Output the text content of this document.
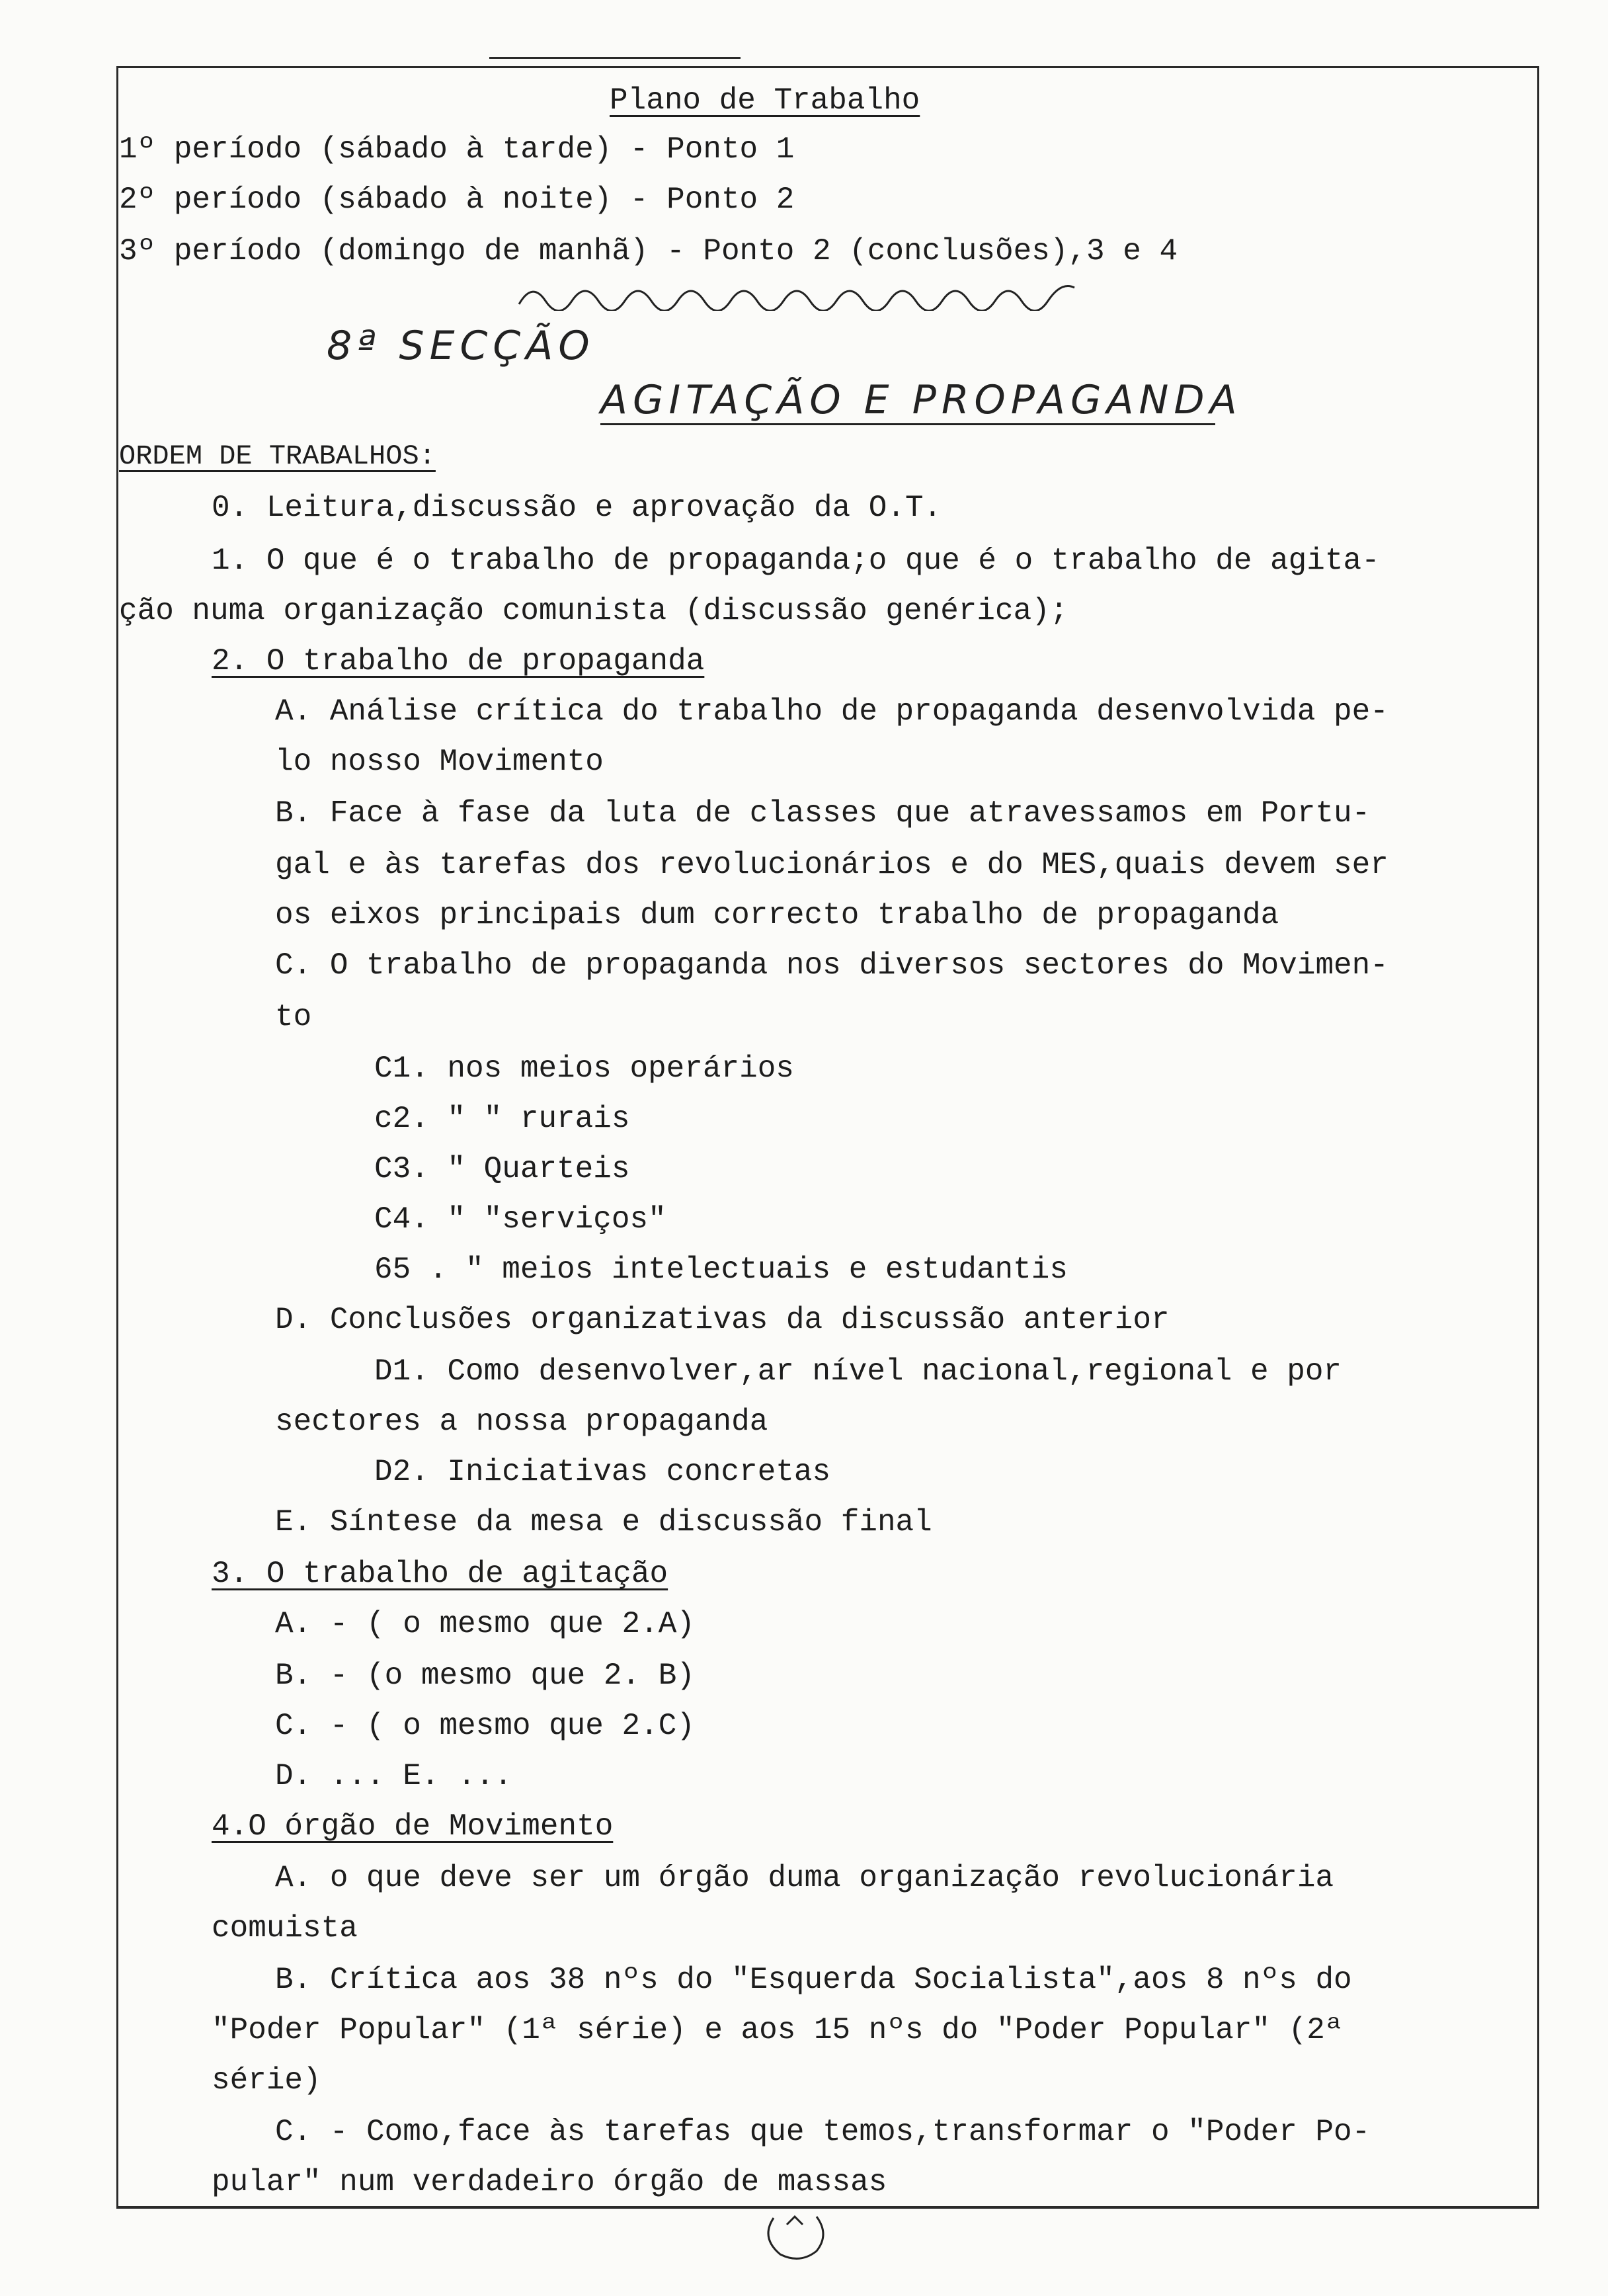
Plano de Trabalho
1º período (sábado à tarde) - Ponto 1
2º período (sábado à noite) - Ponto 2
3º período (domingo de manhã) - Ponto 2 (conclusões),3 e 4
8ª SECÇÃO
AGITAÇÃO E PROPAGANDA
ORDEM DE TRABALHOS:
0. Leitura,discussão e aprovação da O.T.
1. O que é o trabalho de propaganda;o que é o trabalho de agita-
ção numa organização comunista (discussão genérica);
2. O trabalho de propaganda
A. Análise crítica do trabalho de propaganda desenvolvida pe-
lo nosso Movimento
B. Face à fase da luta de classes que atravessamos em Portu-
gal e às tarefas dos revolucionários e do MES,quais devem ser
os eixos principais dum correcto trabalho de propaganda
C. O trabalho de propaganda nos diversos sectores do Movimen-
to
C1. nos meios operários
c2. " " rurais
C3. " Quarteis
C4. " "serviços"
65 . " meios intelectuais e estudantis
D. Conclusões organizativas da discussão anterior
D1. Como desenvolver,ar nível nacional,regional e por
sectores a nossa propaganda
D2. Iniciativas concretas
E. Síntese da mesa e discussão final
3. O trabalho de agitação
A. - ( o mesmo que 2.A)
B. - (o mesmo que 2. B)
C. - ( o mesmo que 2.C)
D. ... E. ...
4.O órgão de Movimento
A. o que deve ser um órgão duma organização revolucionária
comuista
B. Crítica aos 38 nºs do "Esquerda Socialista",aos 8 nºs do
"Poder Popular" (1ª série) e aos 15 nºs do "Poder Popular" (2ª
série)
C. - Como,face às tarefas que temos,transformar o "Poder Po-
pular" num verdadeiro órgão de massas
